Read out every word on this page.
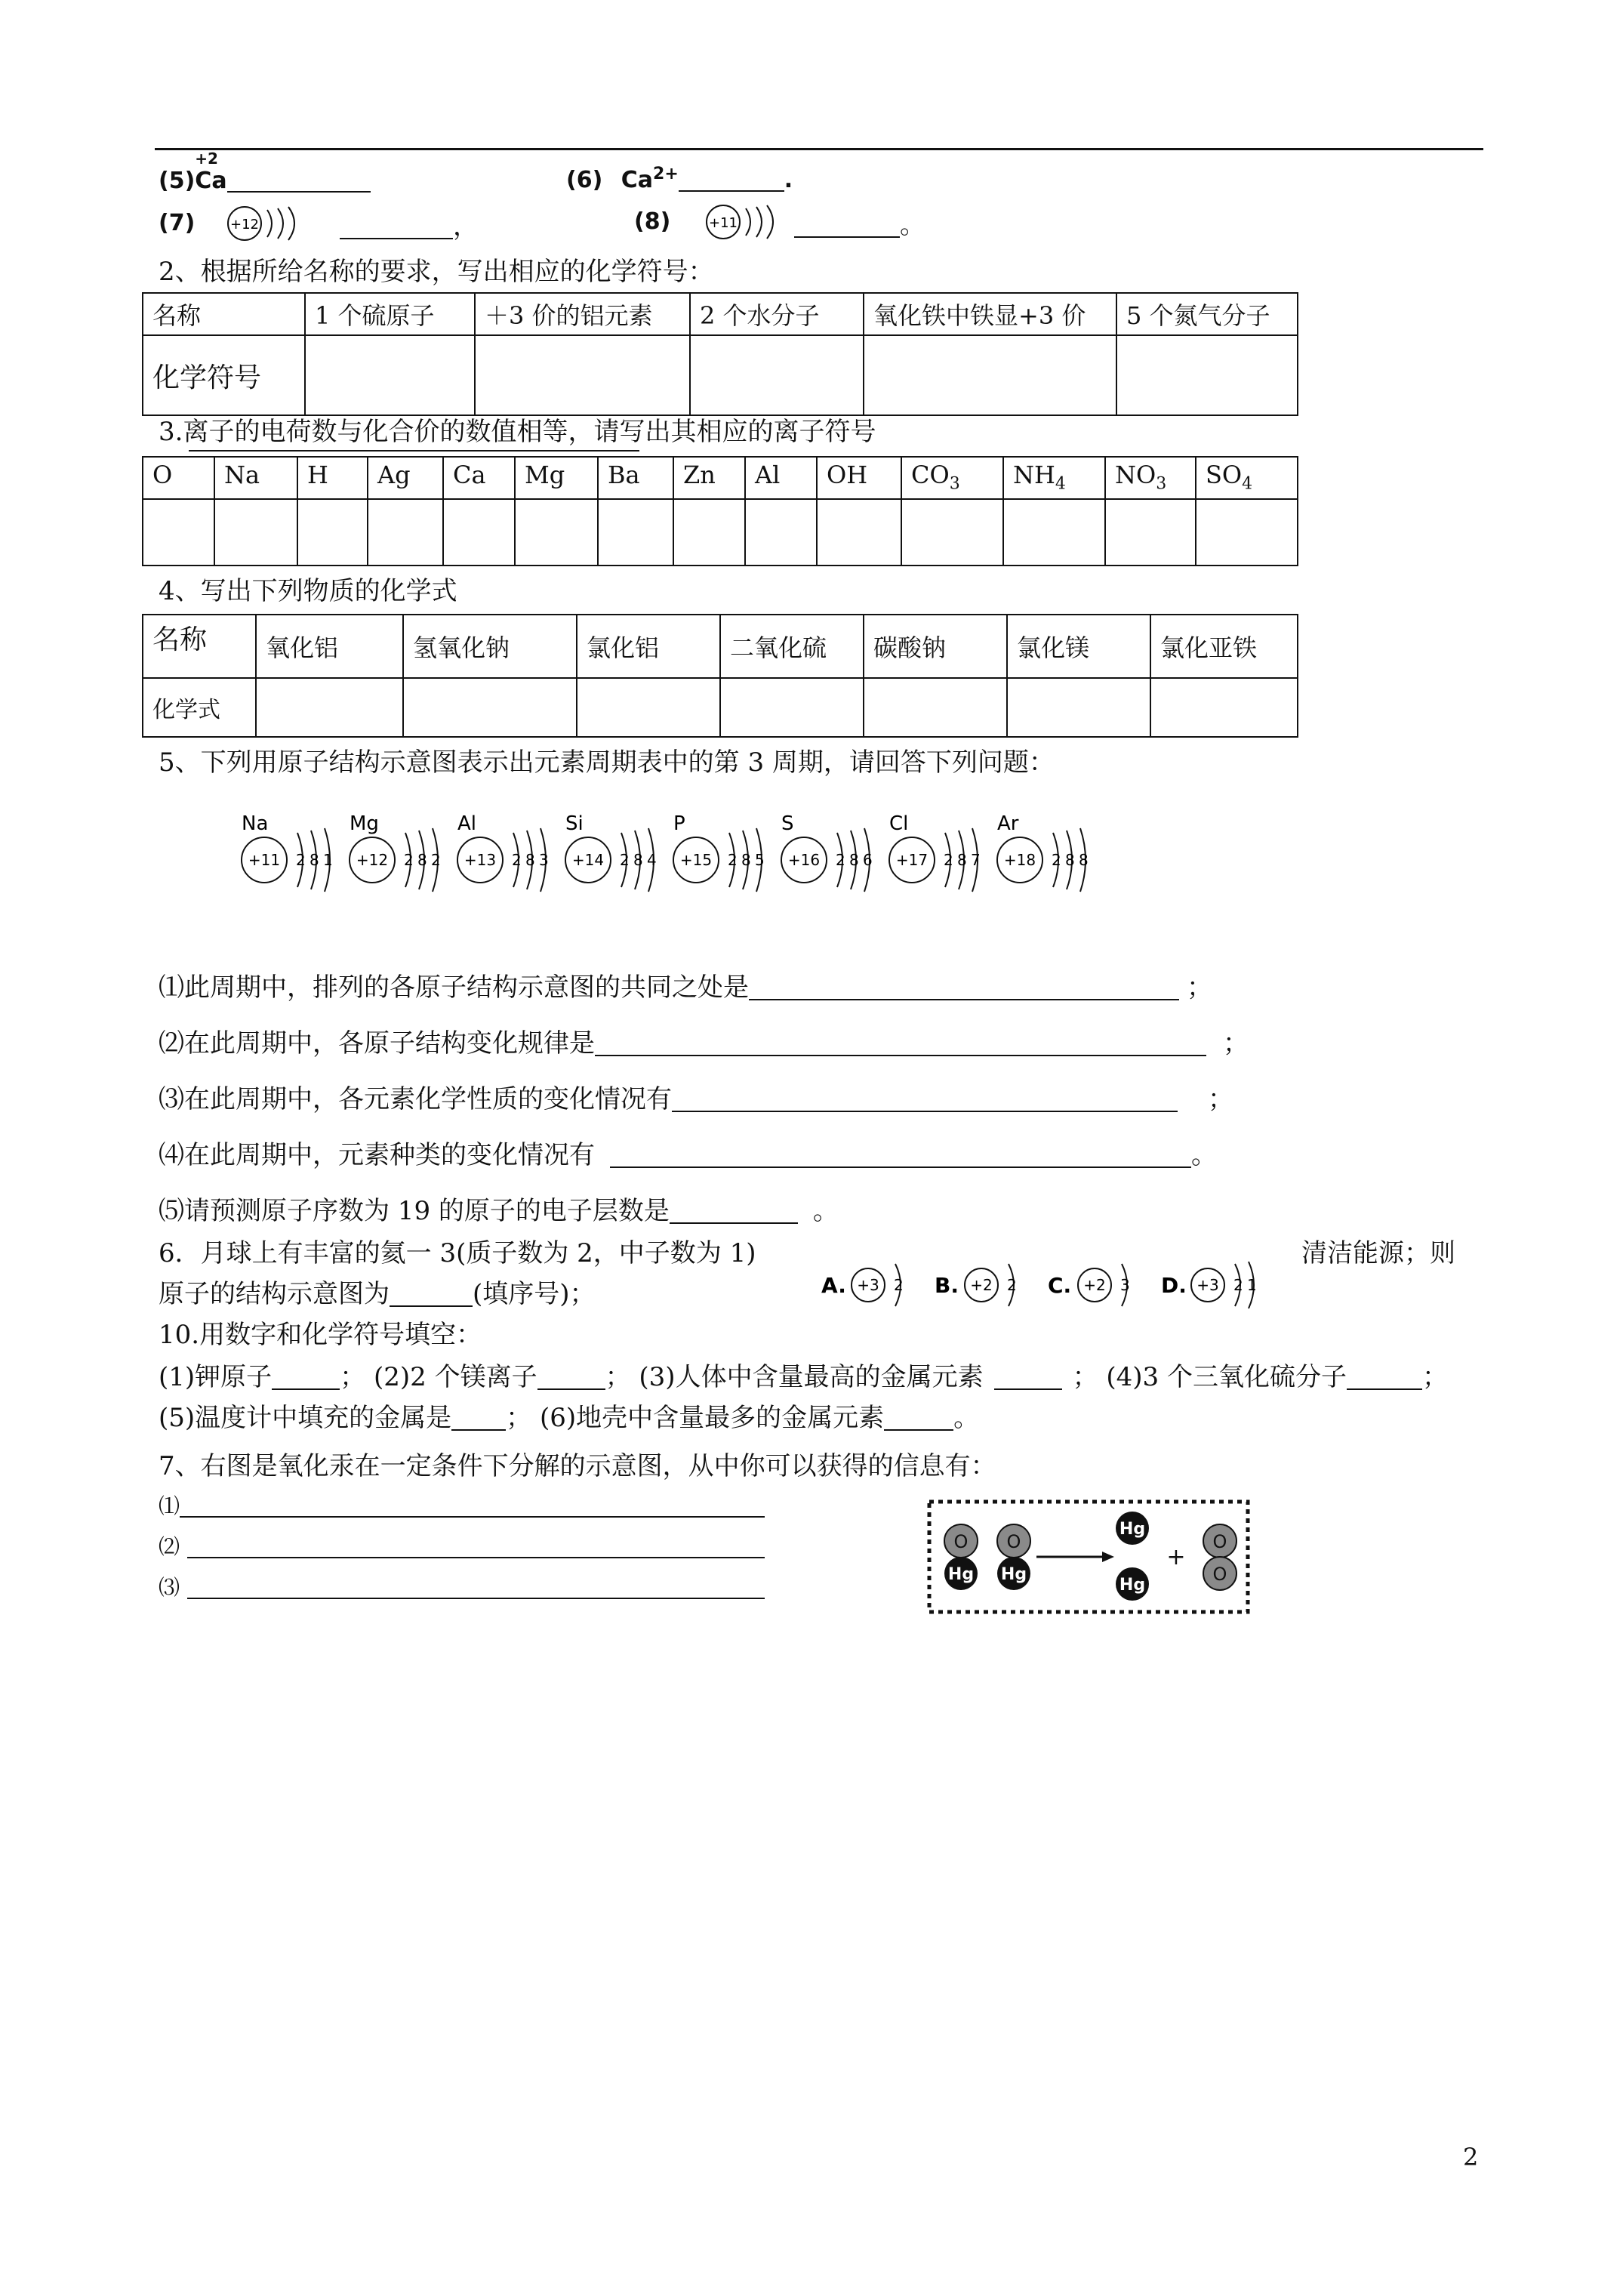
(5)
+2
Ca	(6) $Ca^{2+}$	.
(7)	+12	，	(8)	+11	。
2、根据所给名称的要求，写出相应的化学符号：
名称	1 个硫原子	＋3 价的铝元素	2 个水分子	氧化铁中铁显+3 价	5 个氮气分子
化学符号					
3.离子的电荷数与化合价的数值相等，请写出其相应的离子符号
O	Na	H	Ag	Ca	Mg	Ba	Zn	Al	OH	$CO_3$	$NH_4$	$NO_3$	$SO_4$

4、写出下列物质的化学式
名称	氧化铝	氢氧化钠	氯化铝	二氧化硫	碳酸钠	氯化镁	氯化亚铁
化学式							
5、下列用原子结构示意图表示出元素周期表中的第 3 周期，请回答下列问题：
Na
+11 2 8 1
Mg
+12 2 8 2
Al
+13 2 8 3
Si
+14 2 8 4
P
+15 2 8 5
S
+16 2 8 6
Cl
+17 2 8 7
Ar
+18 2 8 8
⑴此周期中，排列的各原子结构示意图的共同之处是	；
⑵在此周期中，各原子结构变化规律是	；
⑶在此周期中，各元素化学性质的变化情况有	；
⑷在此周期中，元素种类的变化情况有	。
⑸请预测原子序数为 19 的原子的电子层数是	。
6．月球上有丰富的氦一 3(质子数为 2，中子数为 1)	清洁能源；则
原子的结构示意图为	(填序号)；	A. +3 2 B. +2 2 C. +2 3 D. +3 2 1
10.用数字和化学符号填空：
(1)钾原子	； (2)2 个镁离子	； (3)人体中含量最高的金属元素	； (4)3 个三氧化硫分子	；
(5)温度计中填充的金属是 ； (6)地壳中含量最多的金属元素	。
7、右图是氧化汞在一定条件下分解的示意图，从中你可以获得的信息有：
⑴
⑵
⑶
O
Hg
O
Hg
Hg
Hg
+
O
O
2
